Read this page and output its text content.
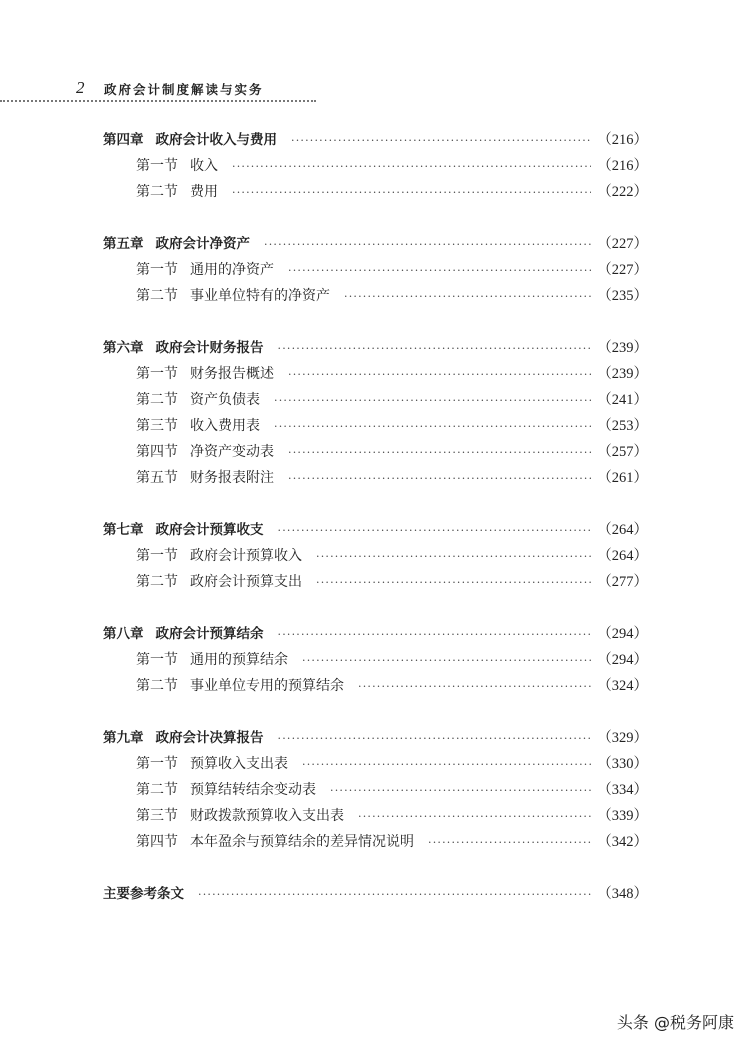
2 政府会计制度解读与实务
第四章 政府会计收入与费用 ·····	（216）
第一节 收入 ·····	（216）
第二节 费用 ·····	（222）
第五章 政府会计净资产 ·····	（227）
第一节 通用的净资产 ·····	（227）
第二节 事业单位特有的净资产 ·····	（235）
第六章 政府会计财务报告 ·····	（239）
第一节 财务报告概述 ·····	（239）
第二节 资产负债表 ·····	（241）
第三节 收入费用表 ·····	（253）
第四节 净资产变动表 ·····	（257）
第五节 财务报表附注 ·····	（261）
第七章 政府会计预算收支 ·····	（264）
第一节 政府会计预算收入 ·····	（264）
第二节 政府会计预算支出 ·····	（277）
第八章 政府会计预算结余 ·····	（294）
第一节 通用的预算结余 ·····	（294）
第二节 事业单位专用的预算结余 ·····	（324）
第九章 政府会计决算报告 ·····	（329）
第一节 预算收入支出表 ·····	（330）
第二节 预算结转结余变动表 ·····	（334）
第三节 财政拨款预算收入支出表 ·····	（339）
第四节 本年盈余与预算结余的差异情况说明 ·····	（342）
主要参考条文 ·····	（348）
头条 @税务阿康
